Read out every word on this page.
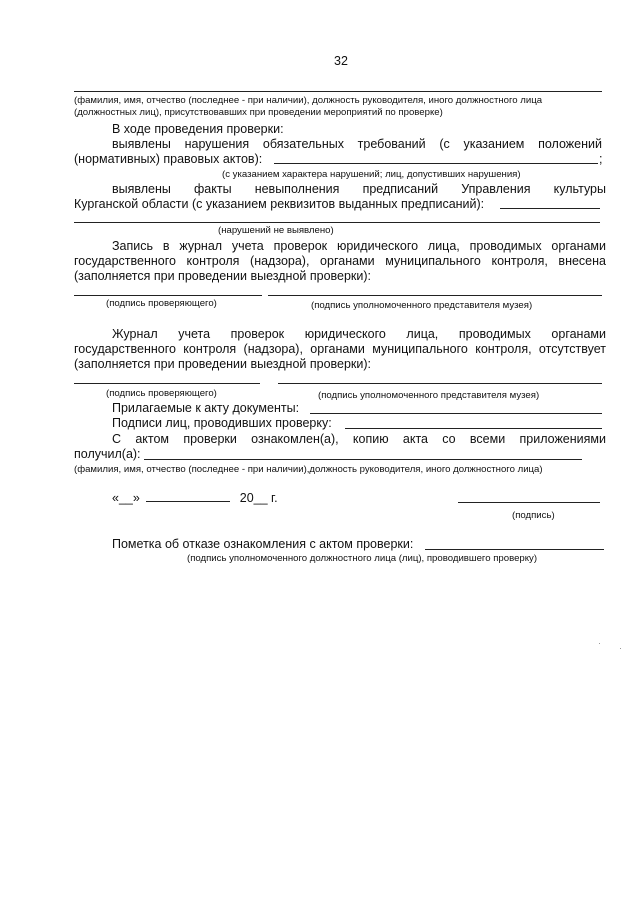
32
(фамилия, имя, отчество (последнее - при наличии), должность руководителя, иного должностного лица
(должностных лиц), присутствовавших при проведении мероприятий по проверке)
В ходе проведения проверки:
выявлены нарушения обязательных требований (с указанием положений
(нормативных) правовых актов):	;
(с указанием характера нарушений; лиц, допустивших нарушения)
выявлены факты невыполнения предписаний Управления культуры
Курганской области (с указанием реквизитов выданных предписаний):
(нарушений не выявлено)
Запись в журнал учета проверок юридического лица, проводимых органами
государственного контроля (надзора), органами муниципального контроля, внесена
(заполняется при проведении выездной проверки):
(подпись проверяющего)	(подпись уполномоченного представителя музея)
Журнал учета проверок юридического лица, проводимых органами
государственного контроля (надзора), органами муниципального контроля, отсутствует
(заполняется при проведении выездной проверки):
(подпись проверяющего)	(подпись уполномоченного представителя музея)
Прилагаемые к акту документы:
Подписи лиц, проводивших проверку:
С актом проверки ознакомлен(а), копию акта со всеми приложениями
получил(а):
(фамилия, имя, отчество (последнее - при наличии),должность руководителя, иного должностного лица)
«__»	20__ г.
(подпись)
Пометка об отказе ознакомления с актом проверки:
(подпись уполномоченного должностного лица (лиц), проводившего проверку)
